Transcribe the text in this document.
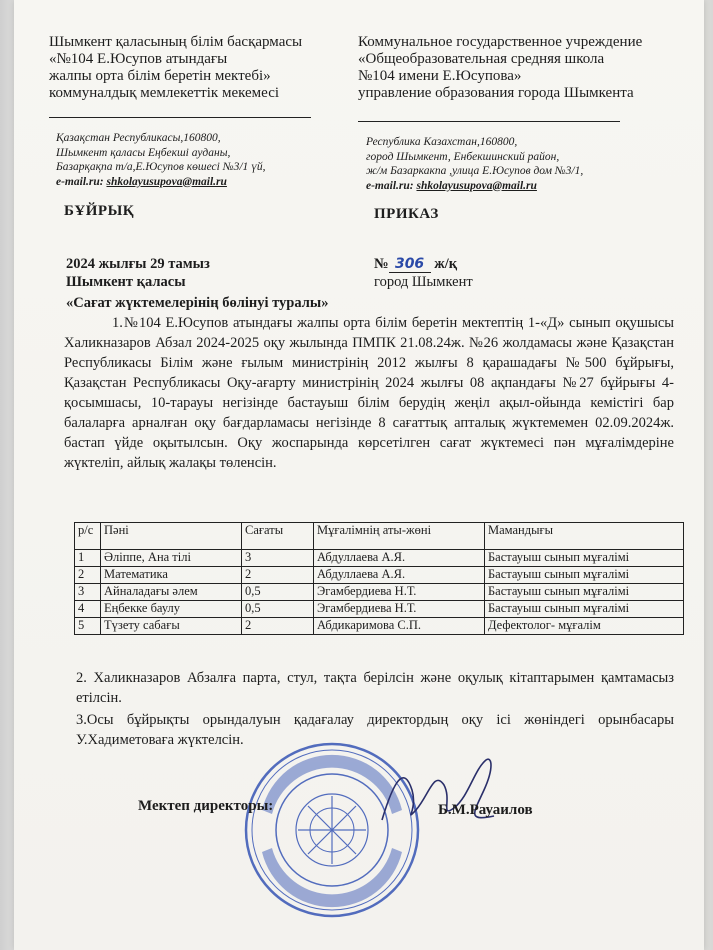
Шымкент қаласының білім басқармасы
«№104 Е.Юсупов атындағы
жалпы орта білім беретін мектебі»
коммуналдық мемлекеттік мекемесі
Коммунальное государственное учреждение
«Общеобразовательная средняя школа
№104 имени Е.Юсупова»
управление образования города Шымкента
Қазақстан Республикасы,160800,
Шымкент қаласы Еңбекші ауданы,
Базарқақпа т/а,Е.Юсупов көшесі №3/1 үй,
e-mail.ru: shkolayusupova@mail.ru
Республика Казахстан,160800,
город Шымкент, Енбекшинский район,
ж/м Базаркакпа ,улица Е.Юсупов дом №3/1,
e-mail.ru: shkolayusupova@mail.ru
БҰЙРЫҚ	ПРИКАЗ
2024 жылғы 29 тамыз
Шымкент қаласы
№ 306 ж/қ
город Шымкент
«Сағат жүктемелерінің бөлінуі туралы»
1.№104 Е.Юсупов атындағы жалпы орта білім беретін мектептің 1-«Д» сынып оқушысы Халикназаров Абзал 2024-2025 оқу жылында ПМПК 21.08.24ж. №26 жолдамасы және Қазақстан Республикасы Білім және ғылым министрінің 2012 жылғы 8 қарашадағы №500 бұйрығы, Қазақстан Республикасы Оқу-ағарту министрінің 2024 жылғы 08 ақпандағы №27 бұйрығы 4-қосымшасы, 10-тарауы негізінде бастауыш білім берудің жеңіл ақыл-ойында кемістігі бар балаларға арналған оқу бағдарламасы негізінде 8 сағаттық апталық жүктемемен 02.09.2024ж. бастап үйде оқытылсын. Оқу жоспарында көрсетілген сағат жүктемесі пән мұғалімдеріне жүктеліп, айлық жалақы төленсін.
р/с	Пәні	Сағаты	Мұғалімнің аты-жөні	Мамандығы
1	Әліппе, Ана тілі	3	Абдуллаева А.Я.	Бастауыш сынып мұғалімі
2	Математика	2	Абдуллаева А.Я.	Бастауыш сынып мұғалімі
3	Айналадағы әлем	0,5	Эгамбердиева Н.Т.	Бастауыш сынып мұғалімі
4	Еңбекке баулу	0,5	Эгамбердиева Н.Т.	Бастауыш сынып мұғалімі
5	Түзету сабағы	2	Абдикаримова С.П.	Дефектолог- мұғалім
2. Халикназаров Абзалға парта, стул, тақта берілсін және оқулық кітаптарымен қамтамасыз етілсін.
3.Осы бұйрықты орындалуын қадағалау директордың оқу ісі жөніндегі орынбасары У.Хадиметоваға жүктелсін.
Мектеп директоры:	Б.М.Рауаилов
